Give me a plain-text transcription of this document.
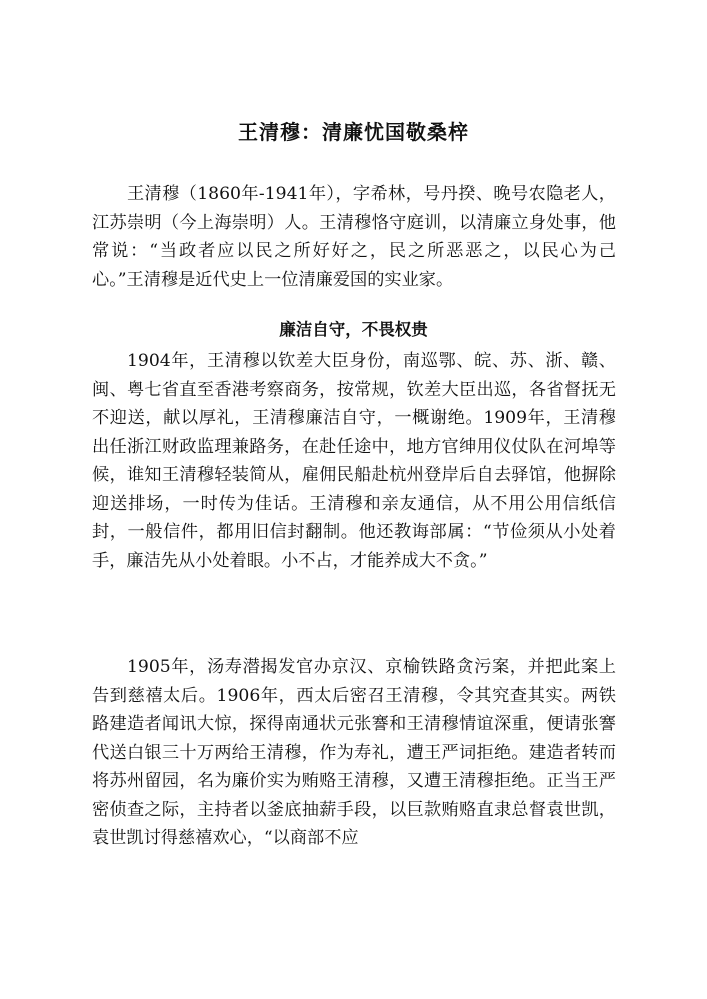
王清穆：清廉忧国敬桑梓

王清穆（1860年-1941年），字希林，号丹揆、晚号农隐老人，江苏崇明（今上海崇明）人。王清穆恪守庭训，以清廉立身处事，他常说：“当政者应以民之所好好之，民之所恶恶之，以民心为己心。”王清穆是近代史上一位清廉爱国的实业家。

廉洁自守，不畏权贵

1904年，王清穆以钦差大臣身份，南巡鄂、皖、苏、浙、赣、闽、粤七省直至香港考察商务，按常规，钦差大臣出巡，各省督抚无不迎送，献以厚礼，王清穆廉洁自守，一概谢绝。1909年，王清穆出任浙江财政监理兼路务，在赴任途中，地方官绅用仪仗队在河埠等候，谁知王清穆轻装简从，雇佣民船赴杭州登岸后自去驿馆，他摒除迎送排场，一时传为佳话。王清穆和亲友通信，从不用公用信纸信封，一般信件，都用旧信封翻制。他还教诲部属：“节俭须从小处着手，廉洁先从小处着眼。小不占，才能养成大不贪。”

1905年，汤寿潜揭发官办京汉、京榆铁路贪污案，并把此案上告到慈禧太后。1906年，西太后密召王清穆，令其究查其实。两铁路建造者闻讯大惊，探得南通状元张謇和王清穆情谊深重，便请张謇代送白银三十万两给王清穆，作为寿礼，遭王严词拒绝。建造者转而将苏州留园，名为廉价实为贿赂王清穆，又遭王清穆拒绝。正当王严密侦查之际，主持者以釜底抽薪手段，以巨款贿赂直隶总督袁世凯，袁世凯讨得慈禧欢心，“以商部不应
